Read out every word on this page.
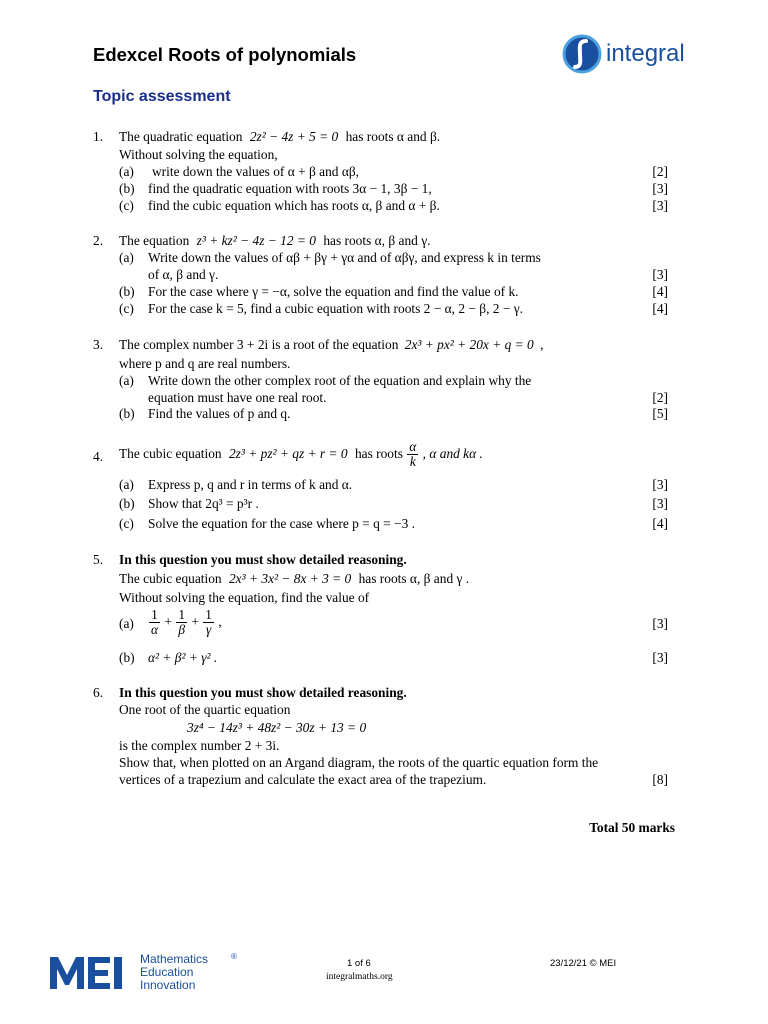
Edexcel Roots of polynomials
Topic assessment
integral
1. The quadratic equation 2z² − 4z + 5 = 0 has roots α and β.
Without solving the equation,
(a) write down the values of α + β and αβ,	[2]
(b) find the quadratic equation with roots 3α − 1, 3β − 1,	[3]
(c) find the cubic equation which has roots α, β and α + β.	[3]
2. The equation z³ + kz² − 4z − 12 = 0 has roots α, β and γ.
(a) Write down the values of αβ + βγ + γα and of αβγ, and express k in terms
of α, β and γ.	[3]
(b) For the case where γ = −α, solve the equation and find the value of k.	[4]
(c) For the case k = 5, find a cubic equation with roots 2 − α, 2 − β, 2 − γ.	[4]
3. The complex number 3 + 2i is a root of the equation 2x³ + px² + 20x + q = 0 ,
where p and q are real numbers.
(a) Write down the other complex root of the equation and explain why the
equation must have one real root.	[2]
(b) Find the values of p and q.	[5]
4. The cubic equation 2z³ + pz² + qz + r = 0 has roots $\frac{\alpha}{k}$ , α and kα .
(a) Express p, q and r in terms of k and α.	[3]
(b) Show that 2q³ = p³r .	[3]
(c) Solve the equation for the case where p = q = −3 .	[4]
5. In this question you must show detailed reasoning.
The cubic equation 2x³ + 3x² − 8x + 3 = 0 has roots α, β and γ .
Without solving the equation, find the value of
$(a) \frac{1}{\alpha} + \frac{1}{\beta} + \frac{1}{\gamma}$ ,	[3]
(b) α² + β² + γ² .	[3]
6. In this question you must show detailed reasoning.
One root of the quartic equation
3z⁴ − 14z³ + 48z² − 30z + 13 = 0
is the complex number 2 + 3i.
Show that, when plotted on an Argand diagram, the roots of the quartic equation form the
vertices of a trapezium and calculate the exact area of the trapezium.	[8]
Total 50 marks
Mathematics	®
Education
Innovation
1 of 6
integralmaths.org
23/12/21 © MEI
